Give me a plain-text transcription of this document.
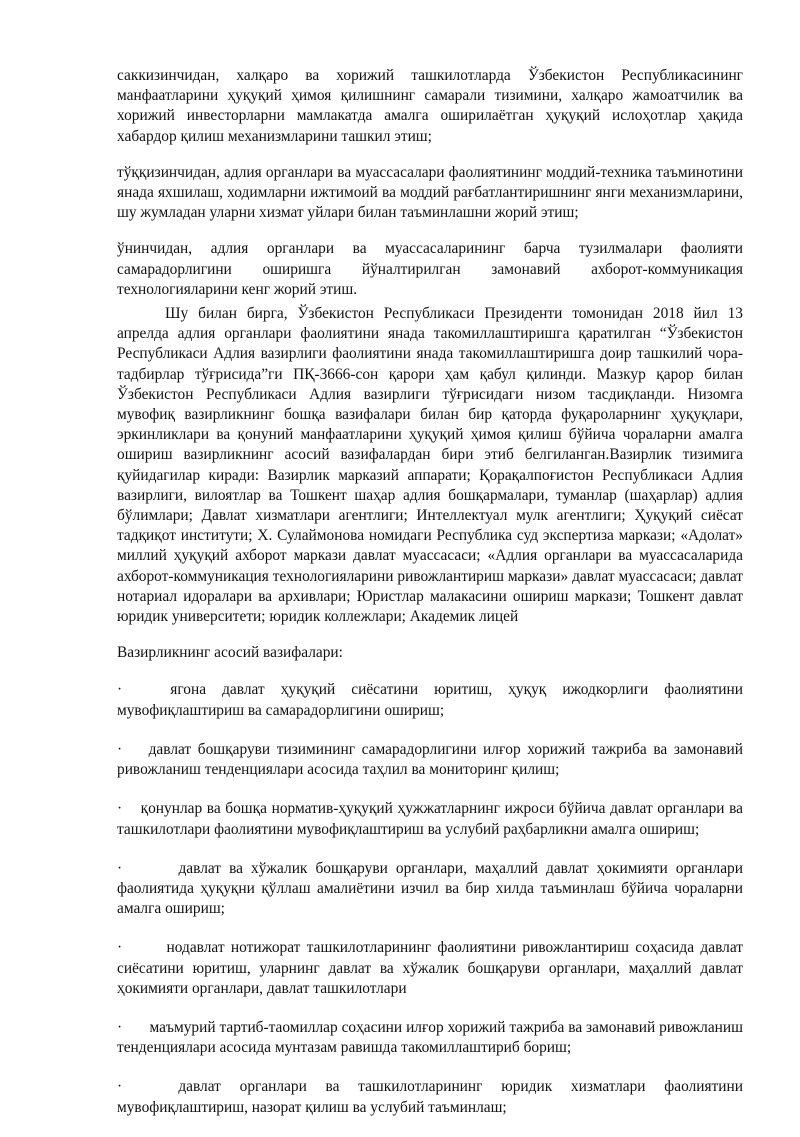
саккизинчидан, халқаро ва хорижий ташкилотларда Ўзбекистон Республикасининг манфаатларини ҳуқуқий ҳимоя қилишнинг самарали тизимини, халқаро жамоатчилик ва хорижий инвесторларни мамлакатда амалга оширилаётган ҳуқуқий ислоҳотлар ҳақида хабардор қилиш механизмларини ташкил этиш;

тўққизинчидан, адлия органлари ва муассасалари фаолиятининг моддий-техника таъминотини янада яхшилаш, ходимларни ижтимоий ва моддий рағбатлантиришнинг янги механизмларини, шу жумладан уларни хизмат уйлари билан таъминлашни жорий этиш;

ўнинчидан, адлия органлари ва муассасаларининг барча тузилмалари фаолияти самарадорлигини оширишга йўналтирилган замонавий ахборот-коммуникация технологияларини кенг жорий этиш.

Шу билан бирга, Ўзбекистон Республикаси Президенти томонидан 2018 йил 13 апрелда адлия органлари фаолиятини янада такомиллаштиришга қаратилган “Ўзбекистон Республикаси Адлия вазирлиги фаолиятини янада такомиллаштиришга доир ташкилий чора-тадбирлар тўғрисида”ги ПҚ-3666-сон қарори ҳам қабул қилинди. Мазкур қарор билан Ўзбекистон Республикаси Адлия вазирлиги тўғрисидаги низом тасдиқланди. Низомга мувофиқ вазирликнинг бошқа вазифалари билан бир қаторда фуқароларнинг ҳуқуқлари, эркинликлари ва қонуний манфаатларини ҳуқуқий ҳимоя қилиш бўйича чораларни амалга ошириш вазирликнинг асосий вазифалардан бири этиб белгиланган.Вазирлик тизимига қуйидагилар киради: Вазирлик марказий аппарати; Қорақалпоғистон Республикаси Адлия вазирлиги, вилоятлар ва Тошкент шаҳар адлия бошқармалари, туманлар (шаҳарлар) адлия бўлимлари; Давлат хизматлари агентлиги; Интеллектуал мулк агентлиги; Ҳуқуқий сиёсат тадқиқот институти; Х. Сулаймонова номидаги Республика суд экспертиза маркази; «Адолат» миллий ҳуқуқий ахборот маркази давлат муассасаси; «Адлия органлари ва муассасаларида ахборот-коммуникация технологияларини ривожлантириш маркази» давлат муассасаси; давлат нотариал идоралари ва архивлари; Юристлар малакасини ошириш маркази; Тошкент давлат юридик университети; юридик коллежлари; Академик лицей

Вазирликнинг асосий вазифалари:

·	ягона давлат ҳуқуқий сиёсатини юритиш, ҳуқуқ ижодкорлиги фаолиятини мувофиқлаштириш ва самарадорлигини ошириш;

· давлат бошқаруви тизимининг самарадорлигини илғор хорижий тажриба ва замонавий ривожланиш тенденциялари асосида таҳлил ва мониторинг қилиш;

· қонунлар ва бошқа норматив-ҳуқуқий ҳужжатларнинг ижроси бўйича давлат органлари ва ташкилотлари фаолиятини мувофиқлаштириш ва услубий раҳбарликни амалга ошириш;

·	давлат ва хўжалик бошқаруви органлари, маҳаллий давлат ҳокимияти органлари фаолиятида ҳуқуқни қўллаш амалиётини изчил ва бир хилда таъминлаш бўйича чораларни амалга ошириш;

·	нодавлат нотижорат ташкилотларининг фаолиятини ривожлантириш соҳасида давлат сиёсатини юритиш, уларнинг давлат ва хўжалик бошқаруви органлари, маҳаллий давлат ҳокимияти органлари, давлат ташкилотлари

· маъмурий тартиб-таомиллар соҳасини илғор хорижий тажриба ва замонавий ривожланиш тенденциялари асосида мунтазам равишда такомиллаштириб бориш;

·	давлат органлари ва ташкилотларининг юридик хизматлари фаолиятини мувофиқлаштириш, назорат қилиш ва услубий таъминлаш;
